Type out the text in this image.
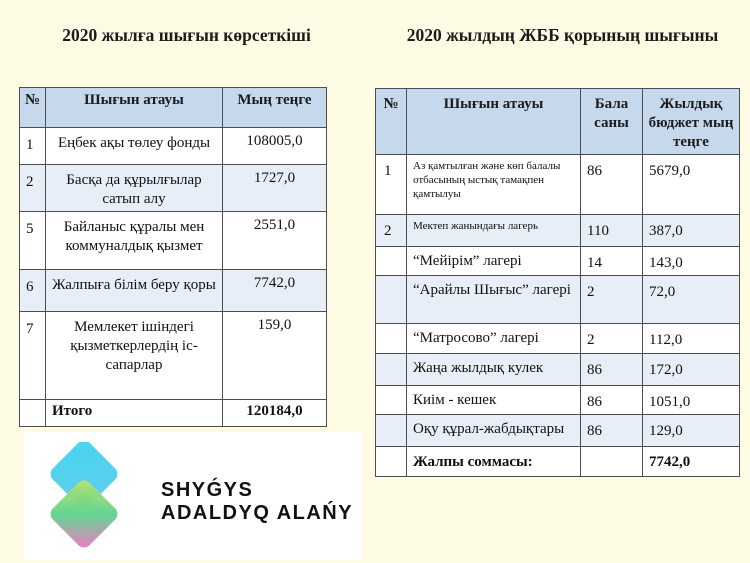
2020 жылға шығын көрсеткіші	2020 жылдың ЖББ қорының шығыны
№	Шығын атауы	Мың теңге
1	Еңбек ақы төлеу фонды	108005,0
2	Басқа да құрылғылар сатып алу	1727,0
5	Байланыс құралы мен коммуналдық қызмет	2551,0
6	Жалпыға білім беру қоры	7742,0
7	Мемлекет ішіндегі қызметкерлердің іс-сапарлар	159,0
	Итого	120184,0
№	Шығын атауы	Бала саны	Жылдық бюджет мың теңге
1	Аз қамтылған және көп балалы отбасының ыстық тамақпен қамтылуы	86	5679,0
2	Мектеп жанындағы лагерь	110	387,0
	“Мейірім” лагері	14	143,0
	“Арайлы Шығыс” лагері	2	72,0
	“Матросово” лагері	2	112,0
	Жаңа жылдық кулек	86	172,0
	Киім - кешек	86	1051,0
	Оқу құрал-жабдықтары	86	129,0
	Жалпы соммасы:		7742,0
SHYǴYS
ADALDYQ ALAŃY
